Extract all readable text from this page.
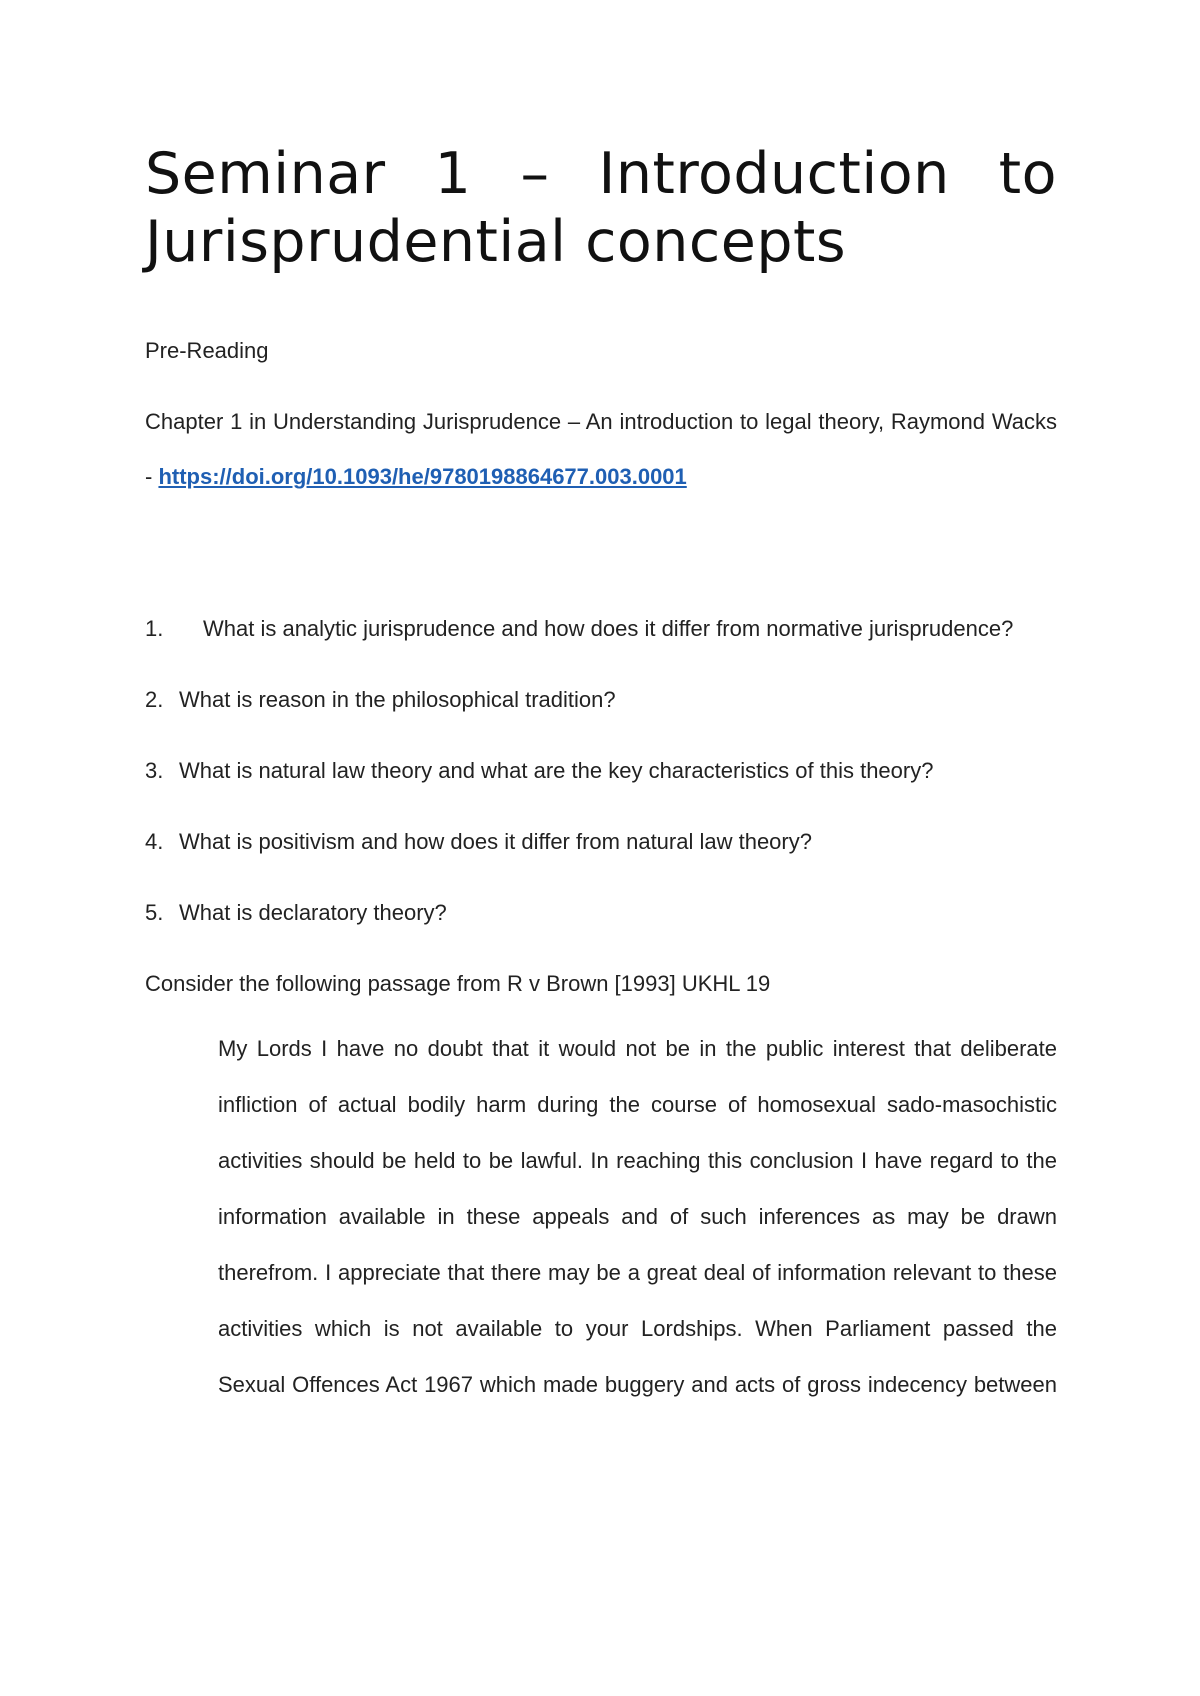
Seminar 1 – Introduction to Jurisprudential concepts

Pre-Reading

Chapter 1 in Understanding Jurisprudence – An introduction to legal theory, Raymond Wacks - https://doi.org/10.1093/he/9780198864677.003.0001

1. What is analytic jurisprudence and how does it differ from normative jurisprudence?

2. What is reason in the philosophical tradition?

3. What is natural law theory and what are the key characteristics of this theory?

4. What is positivism and how does it differ from natural law theory?

5. What is declaratory theory?

Consider the following passage from R v Brown [1993] UKHL 19

My Lords I have no doubt that it would not be in the public interest that deliberate infliction of actual bodily harm during the course of homosexual sado-masochistic activities should be held to be lawful. In reaching this conclusion I have regard to the information available in these appeals and of such inferences as may be drawn therefrom. I appreciate that there may be a great deal of information relevant to these activities which is not available to your Lordships. When Parliament passed the Sexual Offences Act 1967 which made buggery and acts of gross indecency between
